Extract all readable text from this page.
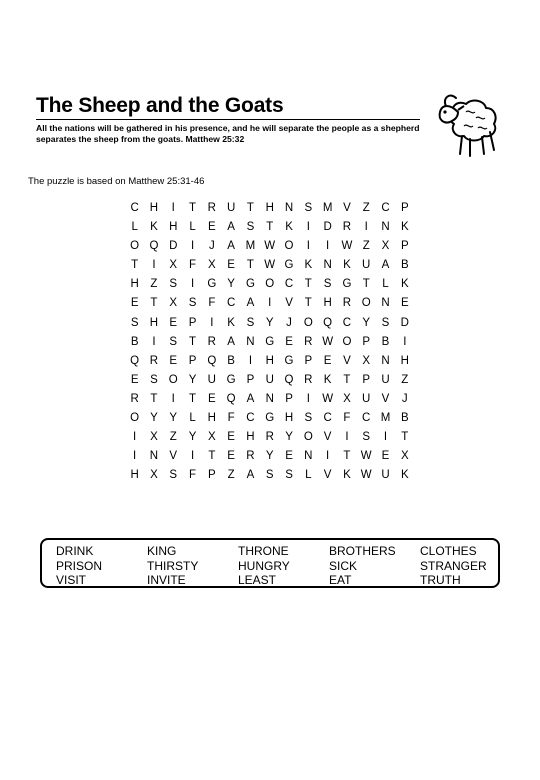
The Sheep and the Goats
All the nations will be gathered in his presence, and he will separate the people as a shepherd separates the sheep from the goats. Matthew 25:32
The puzzle is based on Matthew 25:31-46
C H	I	T	R U	T	H N S M V	Z	C P
L	K H	L	E	A	S	T	K	I	D R	I	N K
O Q D	I	J	A M W O	I	I	W Z	X	P
T	I	X	F	X	E	T W G K N K U A	B
H	Z	S	I	G Y G O C	T	S G T	L	K
E	T	X	S	F	C A	I	V	T	H R O N E
S H E	P	I	K	S	Y	J	O Q C Y	S D
B	I	S	T	R A N G E R W O P	B	I
Q R E	P Q B	I	H G P	E	V	X N H
E	S O Y U G P U Q R K	T	P U	Z
R	T	I	T	E Q A N P	I	W X U V	J
O Y	Y	L	H	F	C G H S C	F	C M B
I	X	Z	Y	X	E H R Y O V	I	S	I	T
I	N V	I	T	E R Y	E N	I	T W E	X
H X	S	F	P	Z	A	S	S	L	V	K W U K
DRINK	KING	THRONE	BROTHERS	CLOTHES
PRISON	THIRSTY	HUNGRY	SICK	STRANGER
VISIT	INVITE	LEAST	EAT	TRUTH
